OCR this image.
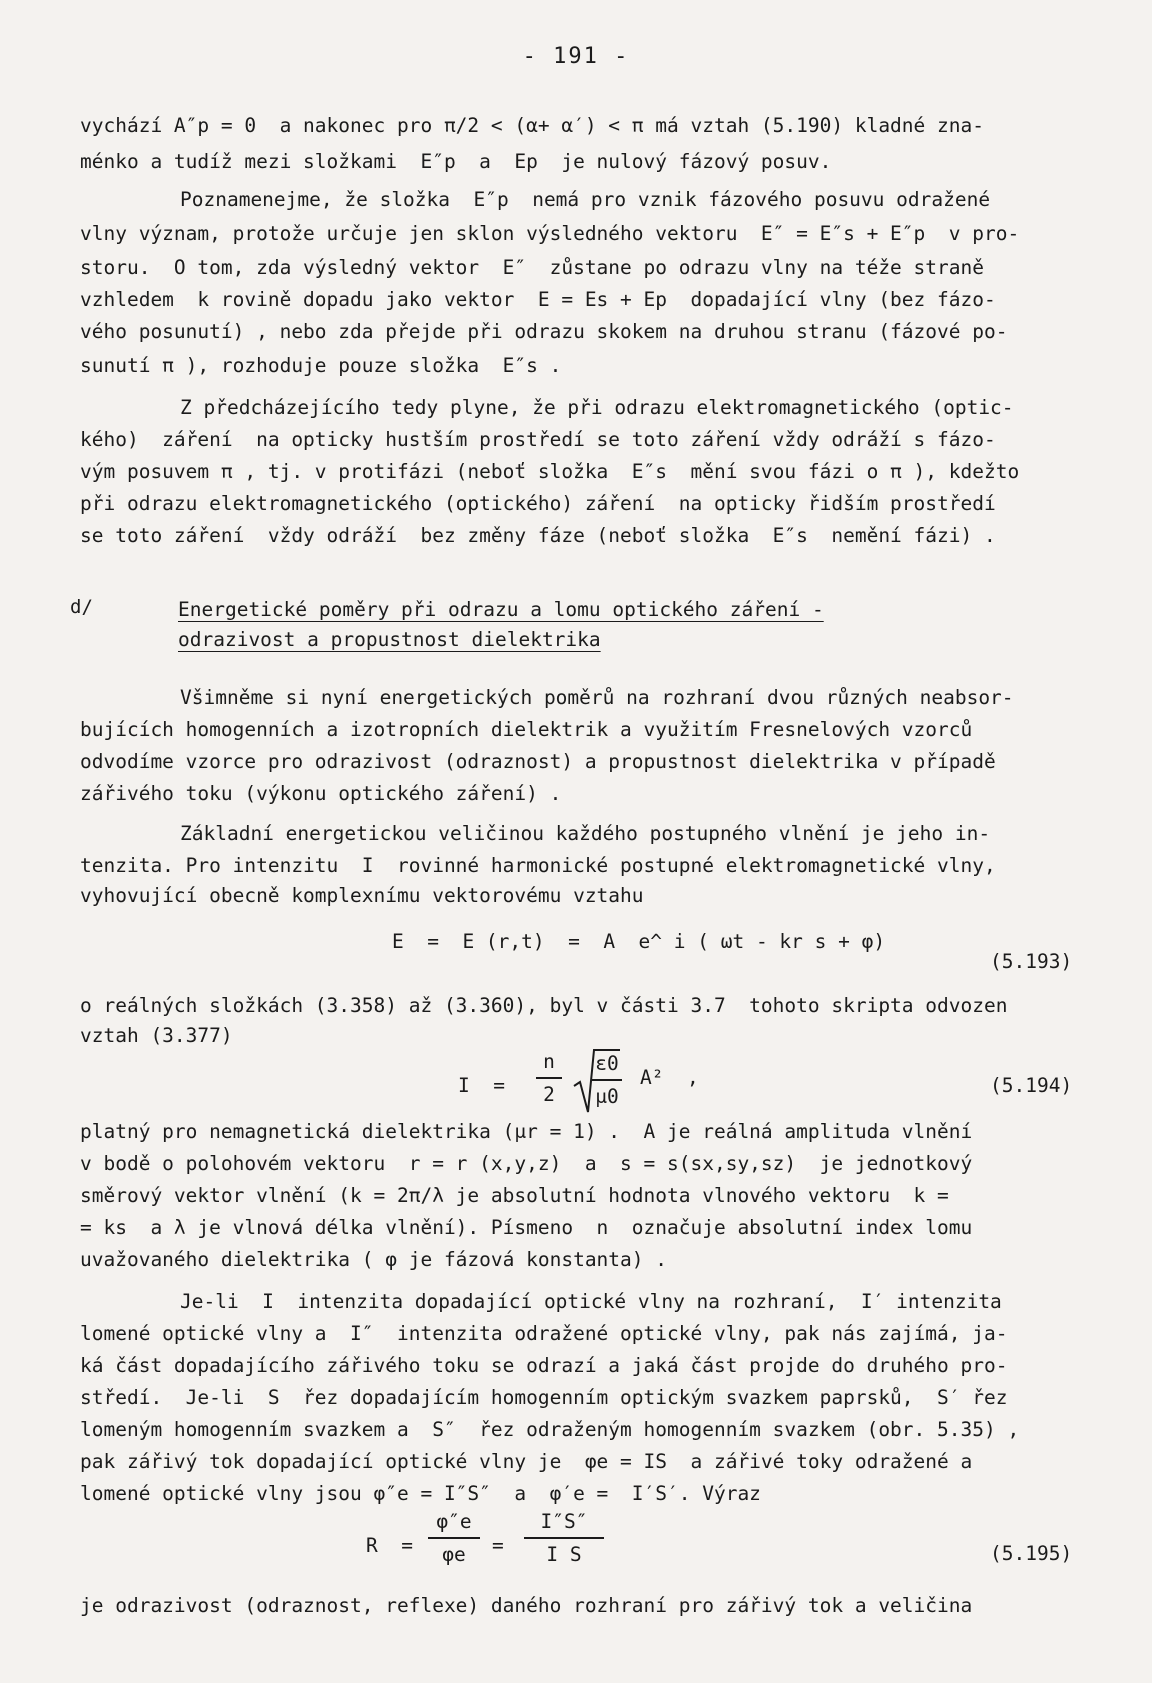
- 191 -
vychází A″p = 0  a nakonec pro π/2 < (α+ α′) < π má vztah (5.190) kladné zna-
ménko a tudíž mezi složkami  E″p  a  Ep  je nulový fázový posuv.
Poznamenejme, že složka  E″p  nemá pro vznik fázového posuvu odražené
vlny význam, protože určuje jen sklon výsledného vektoru  E″ = E″s + E″p  v pro-
storu.  O tom, zda výsledný vektor  E″  zůstane po odrazu vlny na téže straně
vzhledem  k rovině dopadu jako vektor  E = Es + Ep  dopadající vlny (bez fázo-
vého posunutí) , nebo zda přejde při odrazu skokem na druhou stranu (fázové po-
sunutí π ), rozhoduje pouze složka  E″s .
Z předcházejícího tedy plyne, že při odrazu elektromagnetického (optic-
kého)  záření  na opticky hustším prostředí se toto záření vždy odráží s fázo-
vým posuvem π , tj. v protifázi (neboť složka  E″s  mění svou fázi o π ), kdežto
při odrazu elektromagnetického (optického) záření  na opticky řidším prostředí
se toto záření  vždy odráží  bez změny fáze (neboť složka  E″s  nemění fázi) .
d/	Energetické poměry při odrazu a lomu optického záření -
odrazivost a propustnost dielektrika
Všimněme si nyní energetických poměrů na rozhraní dvou různých neabsor-
bujících homogenních a izotropních dielektrik a využitím Fresnelových vzorců
odvodíme vzorce pro odrazivost (odraznost) a propustnost dielektrika v případě
zářivého toku (výkonu optického záření) .
Základní energetickou veličinou každého postupného vlnění je jeho in-
tenzita. Pro intenzitu  I  rovinné harmonické postupné elektromagnetické vlny,
vyhovující obecně komplexnímu vektorovému vztahu
E  =  E (r,t)  =  A  e^ i ( ωt - kr s + φ)
(5.193)
o reálných složkách (3.358) až (3.360), byl v části 3.7  tohoto skripta odvozen
vztah (3.377)
I  =
n
2
ε0
μ0
A²  ,	(5.194)
platný pro nemagnetická dielektrika (μr = 1) .  A je reálná amplituda vlnění
v bodě o polohovém vektoru  r = r (x,y,z)  a  s = s(sx,sy,sz)  je jednotkový
směrový vektor vlnění (k = 2π/λ je absolutní hodnota vlnového vektoru  k =
= ks  a λ je vlnová délka vlnění). Písmeno  n  označuje absolutní index lomu
uvažovaného dielektrika ( φ je fázová konstanta) .
Je-li  I  intenzita dopadající optické vlny na rozhraní,  I′ intenzita
lomené optické vlny a  I″  intenzita odražené optické vlny, pak nás zajímá, ja-
ká část dopadajícího zářivého toku se odrazí a jaká část projde do druhého pro-
středí.  Je-li  S  řez dopadajícím homogenním optickým svazkem paprsků,  S′ řez
lomeným homogenním svazkem a  S″  řez odraženým homogenním svazkem (obr. 5.35) ,
pak zářivý tok dopadající optické vlny je  φe = IS  a zářivé toky odražené a
lomené optické vlny jsou φ″e = I″S″  a  φ′e =  I′S′. Výraz
R  =
φ″e
φe =
I″S″
I S	(5.195)
je odrazivost (odraznost, reflexe) daného rozhraní pro zářivý tok a veličina
